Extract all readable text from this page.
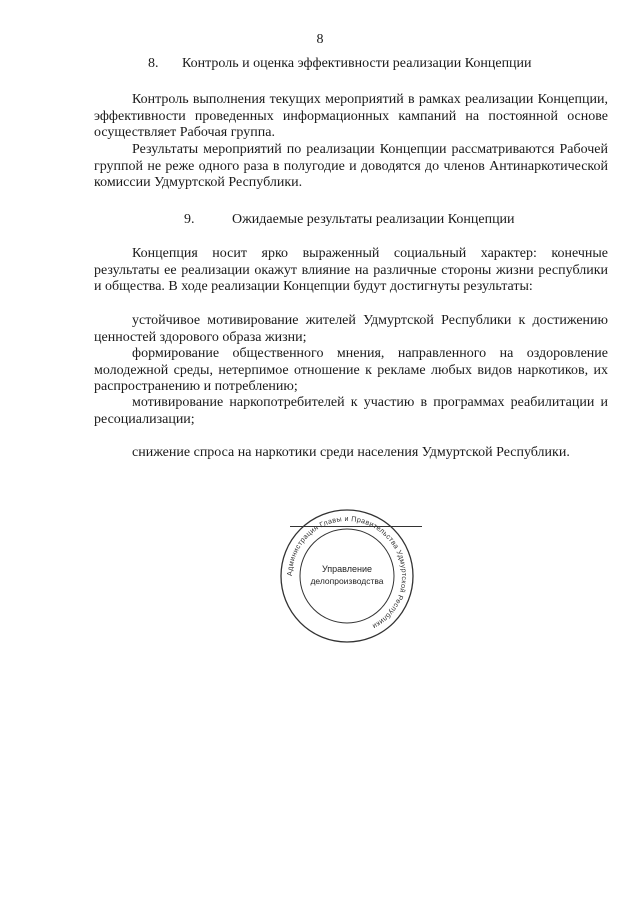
8
8. Контроль и оценка эффективности реализации Концепции

Контроль выполнения текущих мероприятий в рамках реализации Концепции, эффективности проведенных информационных кампаний на постоянной основе осуществляет Рабочая группа.

Результаты мероприятий по реализации Концепции рассматриваются Рабочей группой не реже одного раза в полугодие и доводятся до членов Антинаркотической комиссии Удмуртской Республики.

9.	Ожидаемые результаты реализации Концепции

Концепция носит ярко выраженный социальный характер: конечные результаты ее реализации окажут влияние на различные стороны жизни республики и общества. В ходе реализации Концепции будут достигнуты результаты:

устойчивое мотивирование жителей Удмуртской Республики к достижению ценностей здорового образа жизни;

формирование общественного мнения, направленного на оздоровление молодежной среды, нетерпимое отношение к рекламе любых видов наркотиков, их распространению и потреблению;

мотивирование наркопотребителей к участию в программах реабилитации и ресоциализации;

снижение спроса на наркотики среди населения Удмуртской Республики.

Администрация Главы и Правительства Удмуртской Республики
Управление
делопроизводства
